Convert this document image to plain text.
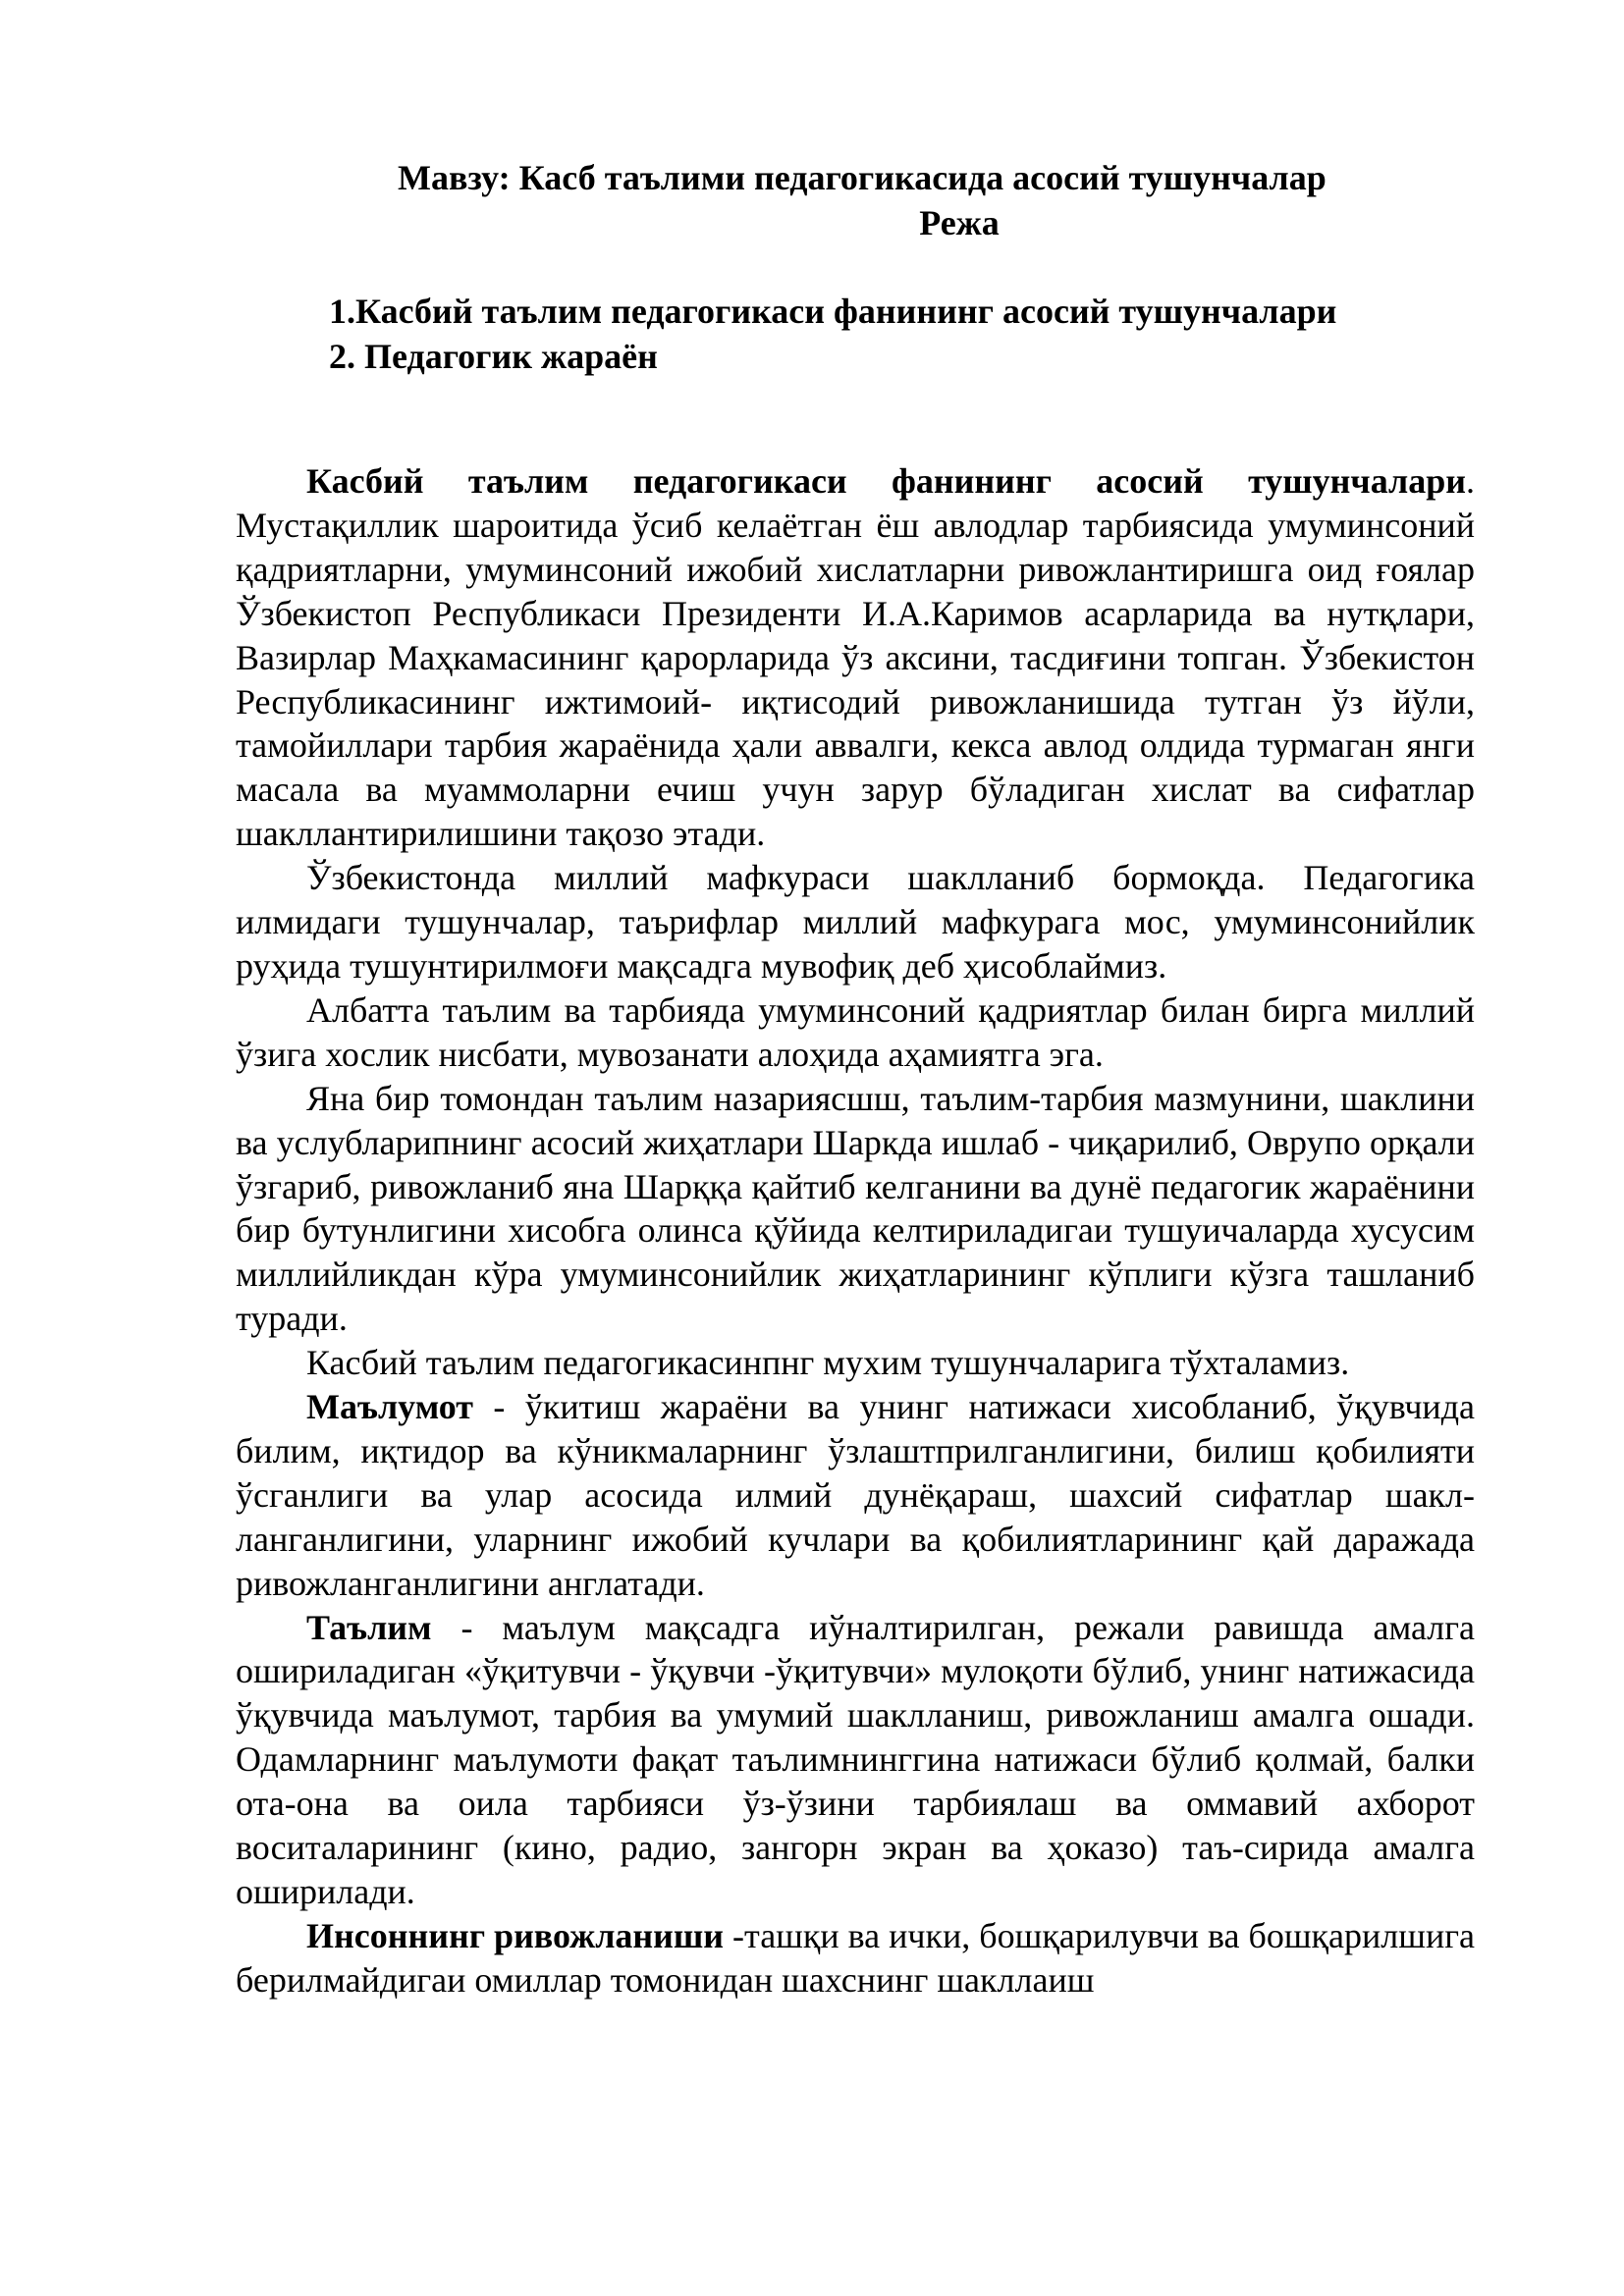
Мавзу: Касб таълими педагогикасида асосий тушунчалар
Режа
1.Касбий таълим педагогикаси фанининг асосий тушунчалари
2. Педагогик жараён

Касбий таълим педагогикаси фанининг асосий тушунчалари. Мустақиллик шароитида ўсиб келаётган ёш авлодлар тарбиясида умуминсоний қадриятларни, умуминсоний ижобий хислатларни ривожлантиришга оид ғоялар Ўзбекистоп Республикаси Президенти И.А.Каримов асарларида ва нутқлари, Вазирлар Маҳкамасининг қарорларида ўз аксини, тасдиғини топган. Ўзбекистон Республикасининг ижтимоий- иқтисодий ривожланишида тутган ўз йўли, тамойиллари тарбия жараёнида ҳали аввалги, кекса авлод олдида турмаган янги масала ва муаммоларни ечиш учун зарур бўладиган хислат ва сифатлар шакллантирилишини тақозо этади.

Ўзбекистонда миллий мафкураси шаклланиб бормоқда. Педагогика илмидаги тушунчалар, таърифлар миллий мафкурага мос, умуминсонийлик руҳида тушунтирилмоғи мақсадга мувофиқ деб ҳисоблаймиз.

Албатта таълим ва тарбияда умуминсоний қадриятлар билан бирга миллий ўзига хослик нисбати, мувозанати алоҳида аҳамиятга эга.

Яна бир томондан таълим назариясшш, таълим-тарбия мазмунини, шаклини ва услубларипнинг асосий жиҳатлари Шаркда ишлаб - чиқарилиб, Оврупо орқали ўзгариб, ривожланиб яна Шарққа қайтиб келганини ва дунё педагогик жараёнини бир бутунлигини хисобга олинса қўйида келтириладигаи тушуичаларда хусусим миллийликдан кўра умуминсонийлик жиҳатларининг кўплиги кўзга ташланиб туради.

Касбий таълим педагогикасинпнг мухим тушунчаларига тўхталамиз.

Маълумот - ўкитиш жараёни ва унинг натижаси хисобланиб, ўқувчида билим, иқтидор ва кўникмаларнинг ўзлаштприлганлигини, билиш қобилияти ўсганлиги ва улар асосида илмий дунёқараш, шахсий сифатлар шакл-ланганлигини, уларнинг ижобий кучлари ва қобилиятларининг қай даражада ривожланганлигини англатади.

Таълим - маълум мақсадга иўналтирилган, режали равишда амалга ошириладиган «ўқитувчи - ўқувчи -ўқитувчи» мулоқоти бўлиб, унинг натижасида ўқувчида маълумот, тарбия ва умумий шаклланиш, ривожланиш амалга ошади. Одамларнинг маълумоти фақат таълимнинггина натижаси бўлиб қолмай, балки ота-она ва оила тарбияси ўз-ўзини тарбиялаш ва оммавий ахборот воситаларининг (кино, радио, зангорн экран ва ҳоказо) таъ-сирида амалга оширилади.

Инсоннинг ривожланиши -ташқи ва ички, бошқарилувчи ва бошқарилшига берилмайдигаи омиллар томонидан шахснинг шакллаиш
